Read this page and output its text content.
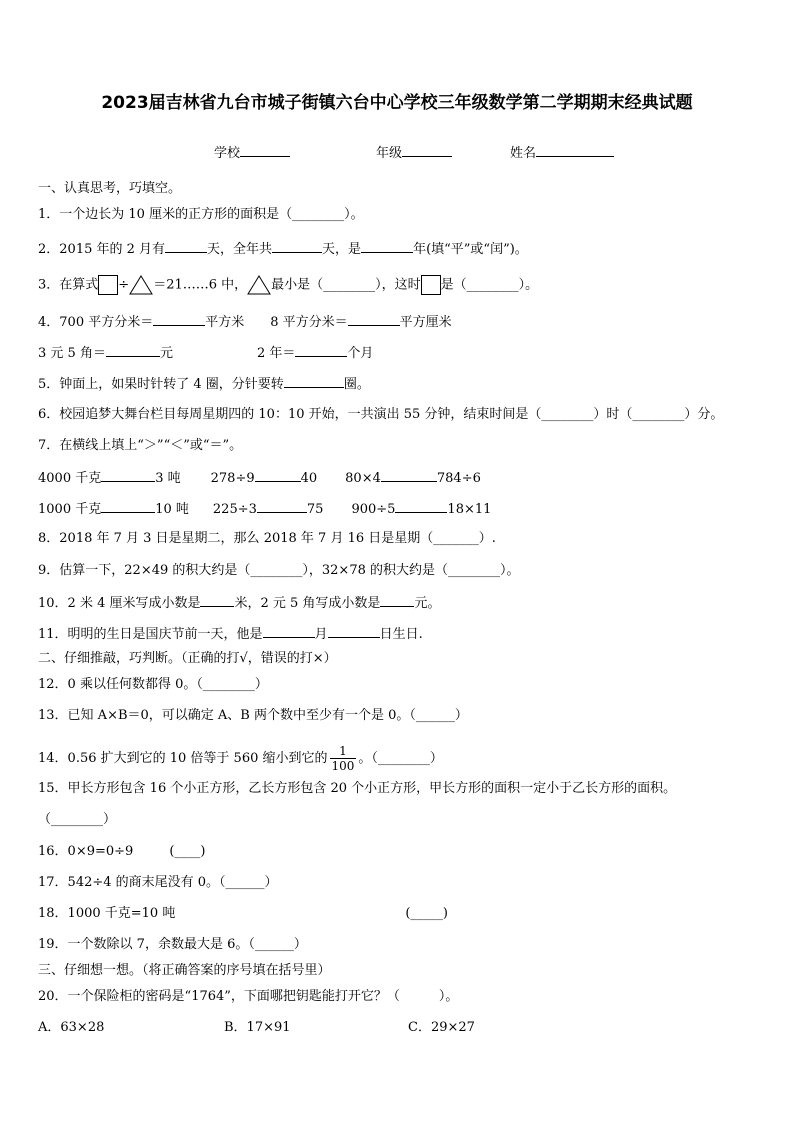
2023届吉林省九台市城子街镇六台中心学校三年级数学第二学期期末经典试题
学校	年级	姓名
一、认真思考，巧填空。
1．一个边长为 10 厘米的正方形的面积是（________）。
2．2015 年的 2 月有	天，全年共	天，是	年(填“平”或“闰”)。
3．在算式 ÷ ＝21……6 中， 最小是（________），这时 是（________）。
4．700 平方分米＝	平方米 8 平方分米＝	平方厘米
3 元 5 角＝	元	2 年＝	个月
5．钟面上，如果时针转了 4 圈，分针要转	圈。
6．校园追梦大舞台栏目每周星期四的 10：10 开始，一共演出 55 分钟，结束时间是（________）时（________）分。
7．在横线上填上“＞”“＜”或“＝”。
4000 千克	3 吨 278÷9	40 80×4	784÷6
1000 千克	10 吨 225÷3	75 900÷5	18×11
8．2018 年 7 月 3 日是星期二，那么 2018 年 7 月 16 日是星期（_______）.
9．估算一下，22×49 的积大约是（________），32×78 的积大约是（________）。
10．2 米 4 厘米写成小数是	米，2 元 5 角写成小数是	元。
11．明明的生日是国庆节前一天，他是	月	日生日.
二、仔细推敲，巧判断。（正确的打√，错误的打×）
12．0 乘以任何数都得 0。（________）
13．已知 A×B＝0，可以确定 A、B 两个数中至少有一个是 0。（______）
14．0.56 扩大到它的 10 倍等于 560 缩小到它的 $\frac{1}{100}$ 。（________）
15．甲长方形包含 16 个小正方形，乙长方形包含 20 个小正方形，甲长方形的面积一定小于乙长方形的面积。
（________）
16．0×9=0÷9	(____)
17．542÷4 的商末尾没有 0。（______）
18．1000 千克=10 吨	(_____)
19．一个数除以 7，余数最大是 6。（______）
三、仔细想一想。（将正确答案的序号填在括号里）
20．一个保险柜的密码是“1764”，下面哪把钥匙能打开它？（　　　）。
A．63×28	B．17×91	C．29×27
